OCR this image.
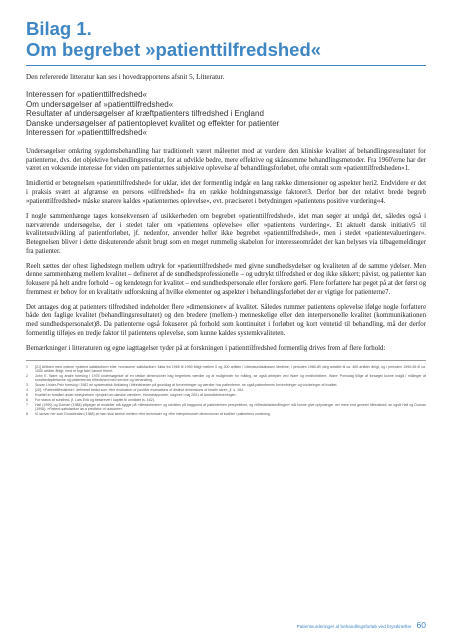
Bilag 1.
Om begrebet »patienttilfredshed«

Den refererede litteratur kan ses i hovedrapportens afsnit 5, Litteratur.

Interessen for »patienttilfredshed«
Om undersøgelser af »patienttilfredshed«
Resultater af undersøgelser af kræftpatienters tilfredshed i England
Danske undersøgelser af patientoplevet kvalitet og effekter for patienter
Interessen for »patienttilfredshed«

Undersøgelser omkring sygdomsbehandling har traditionelt været måleettet mod at vurdere den kliniske kvalitet af behandlingsresultatet for patienterne, dvs. det objektive behandlingsresultat, for at udvikle bedre, mere effektive og skånsomme behandlingsmetoder. Fra 1960'erne har der været en voksende interesse for viden om patienternes subjektive oplevelse af behandlingsforløbet, ofte omtalt som »patienttilfredsheden«1.

Imidlertid er betegnelsen »patienttilfredshed« for uklar, idet der formentlig indgår en lang række dimensioner og aspekter heri2. Endvidere er det i praksis svært at afgrænse en persons »tilfredshed« fra en række holdningsmæssige faktorer3. Derfor bør det relativt brede begreb »patienttilfredshed« måske snarere kaldes »patienternes oplevelse«, evt. præciseret i betydningen »patientens positive vurdering«4.

I nogle sammenhænge tages konsekvensen af usikkerheden om begrebet »patienttilfredshed«, idet man søger at undgå det, således også i nærværende undersøgelse, der i stedet taler om »patientens oplevelse« eller »patientens vurdering«. Et aktuelt dansk initiativ5 til kvalitetsudvikling af patientforløbet, jf. nedenfor, anvender heller ikke begrebet »patienttilfredshed«, men i stedet »patientevalueringer«. Betegnelsen bliver i dette diskuterende afsnit brugt som en meget rummelig skabelon for interesseområdet der kan belyses via tilbagemeldinger fra patienter.

Reelt sættes der oftest lighedstegn mellem udtryk for »patienttilfredshed« med givne sundhedsydelser og kvaliteten af de samme ydelser. Men denne sammenhæng mellem kvalitet – defineret af de sundhedsprofessionelle – og udtrykt tilfredshed er dog ikke sikkert; påvist, og patienter kan fokusere på helt andre forhold – og kendetegn for kvalitet – end sundhedspersonale eller forskere gør6. Flere forfattere har peget på at der først og fremmest er behov for en kvalitativ udforskning af hvilke elementer og aspekter i behandlingsforløbet der er vigtige for patienterne7.

Det antages dog at patienters tilfredshed indeholder flere »dimensioner« af kvalitet. Således rummer patientens oplevelse ifølge nogle forfattere både den faglige kvalitet (behandlingsresultatet) og den bredere (mellem-) menneskelige eller den interpersonelle kvalitet (kommunikationen med sundhedspersonalet)8. Da patienterne også fokuserer på forhold som kontinuitet i forløbet og kort ventetid til behandling, må der derfor formentlig tilføjes en tredje faktor til patientens oplevelse, som kunne kaldes systemkvaliteten.

Bemærkninger i litteraturen og egne iagttagelser tyder på at forskningen i patienttilfredshed formentlig drives frem af flere forhold:

1	[21] Artiklen med ordene »patient satisfaction« eller »consumer satisfaction« fukta fra 1965 til 1990 årligt mellem 0 og 200 artikler i Litteraturdatabasen Medline; i perioden 1980-89 steg antallet til ca. 400 artikler årligt, og i perioden 1990-96 til ca. 1000 artikler årligt, med et fogt fald i lønnet tiherrt.
2	John E. Ware og andre foreslog i 1975 undersøgelser af en række dimensioner bag begrebets værdier og af muligheder for måling, se også arbejder ved Ware og medforfattere, Ware: Ponsdag tillige af forsøget kunne indgå i målinger af sundhedsydelserne og patienternes tilfredshed med service og behandling.
3	Susan Linder-Pelz foreslog i 1982 en systematisk forklaring i tilfredsheden på grundlag af forventninger og værdier hos patienterne, se også patienternes forventninger og vurderinger af kvalitet.
4	[20]: »Patienttilfredshed«: defineret bedst som »the evaluation of positive evaluations of distinct dimensions of health care«, jf. s. 164.
5	Kvalitet er forstået under betegnelsen »projekt om danske værdier«, Hovedrapporten, udgivet i maj 2001 af Amtsrådsforeningen.
6	For status af sundhed, jf. Lars Erik og beskrevet i kapitel til området (s. 162).
7	Hall (1990) og Dornan (1988) påpeger at modeller må bygge på »tilfredsheden« og udvikles på baggrund af patienternes perspektiver, og »tilfredshedsmålinger« må kunne give oplysninger om mere end generel tilfredshed; se også Hall og Dornan (1990): »Patient-satisfaction as a predictor of outcome«.
8	Vi skriver her som Donabedian (1988) at man skal skelne mellem »the technical« og »the interpersonal« dimensioner af kvalitet i patientens vurdering.
Patientvurderinger af behandlingsforløb ved brystkræfter 60
